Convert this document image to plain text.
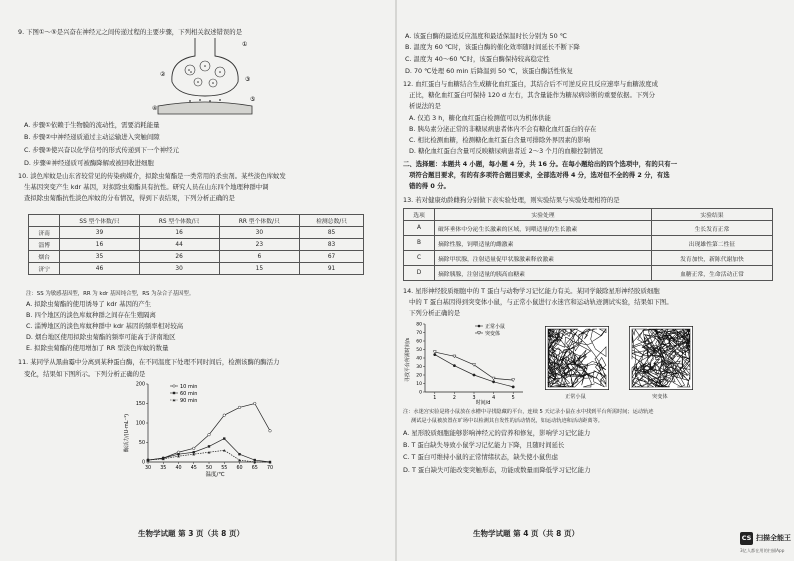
9. 下图①～⑤是兴奋在神经元之间传递过程的主要步骤，下列相关叙述错误的是
①
②
③
④
⑤
A. 步骤①依赖于生物膜的流动性，需要消耗能量
B. 步骤②中神经递质通过主动运输进入突触间隙
C. 步骤③使兴奋以化学信号的形式传递到下一个神经元
D. 步骤④神经递质可被酶降解或被回收进细胞
10. 淡色库蚊是山东省较常见的传染病媒介，拟除虫菊酯是一类常用的杀虫剂。某些淡色库蚊发
生基因突变产生 kdr 基因，对拟除虫菊酯具有抗性。研究人员在山东四个地理种群中调
查拟除虫菊酯抗性淡色库蚊的分布情况，得到下表结果，下列分析正确的是
	SS 型个体数/只	RS 型个体数/只	RR 型个体数/只	检测总数/只
济南	39	16	30	85
淄博	16	44	23	83
烟台	35	26	6	67
济宁	46	30	15	91
注：SS 为敏感基因型，RR 为 kdr 基因纯合型，RS 为杂合子基因型。
A. 拟除虫菊酯的使用诱导了 kdr 基因的产生
B. 四个地区的淡色库蚊种群之间存在生殖隔离
C. 淄博地区的淡色库蚊种群中 kdr 基因的频率相对较高
D. 烟台地区使用拟除虫菊酯的频率可能高于济南地区
E. 拟除虫菊酯的使用增加了 RR 型淡色库蚊的数量
11. 某同学从黑曲霉中分离到某种蛋白酶，在不同温度下处理不同时间后，检测该酶的酶活力
变化，结果如下图所示。下列分析正确的是
30 35 40 45 50 55 60 65 70
0
50
100
150
200
酶活力/(U·mL⁻¹)
温度/℃
10 min
60 min
90 min
生物学试题 第 3 页（共 8 页）
A. 该蛋白酶的最适反应温度和最适保温时长分别为 50 ℃
B. 温度为 60 ℃时，该蛋白酶的催化效率随时间延长不断下降
C. 温度为 40～60 ℃时，该蛋白酶保持较高稳定性
D. 70 ℃处理 60 min 后降温到 50 ℃，该蛋白酶活性恢复
12. 血红蛋白与血糖结合生成糖化血红蛋白，其结合后不可逆反应且反应速率与血糖浓度成
正比，糖化血红蛋白可保持 120 d 左右，其含量能作为糖尿病诊断的重要依据。下列分
析说法的是
A. 仅追 3 h，糖化血红蛋白检测值可以为机体供能
B. 胰岛素分泌正常的非糖尿病患者体内不会有糖化血红蛋白的存在
C. 相比检测血糖，检测糖化血红蛋白含量可排除外界因素的影响
D. 糖化血红蛋白含量可反映糖尿病患者近 2～3 个月的血糖控制情况
二、选择题：本题共 4 小题，每小题 4 分，共 16 分。在每小题给出的四个选项中，有的只有一
项符合题目要求，有的有多项符合题目要求，全部选对得 4 分，选对但不全的得 2 分，有选
错的得 0 分。
13. 若对健康幼龄雌狗分别做下表实验处理，则实验结果与实验处理相符的是
选项	实验处理	实验结果
A	破坏垂体中分泌生长激素的区域，饲喂适量的生长激素	生长发育正常
B	摘除性腺，饲喂适量的雌激素	出现雄性第二性征
C	摘除甲状腺，注射适量促甲状腺激素释放激素	发育加快，新陈代谢加快
D	摘除胰腺，注射适量的胰高血糖素	血糖正常，生命活动正常
14. 星形神经胶质细胞中的 T 蛋白与动物学习记忆能力有关。某同学敲除星形神经胶质细胞
中的 T 蛋白基因得到突变体小鼠，与正常小鼠进行水迷宫和运动轨迹测试实验，结果如下图。
下列分析正确的是
1	2	3	4	5
0
10
20
30
40
50
60
70
80
寻找平台所需时间/s
时间/d
正常小鼠
突变体
正常小鼠	突变体
注：水迷宫实验是将小鼠放在水槽中寻找隐藏的平台，连续 5 天记录小鼠在水中找到平台所需时间；运动轨迹
测试是小鼠被放置在旷场中以检测其自发性的活动情况，如运动轨迹和活动距离等。
A. 星形胶质细胞能够影响神经元的营养和修复，影响学习记忆能力
B. T 蛋白缺失导致小鼠学习记忆能力下降，且随时间延长
C. T 蛋白可维持小鼠的正常情绪状态，缺失使小鼠焦虑
D. T 蛋白缺失可能改变突触形态，功能或数量而降低学习记忆能力
生物学试题 第 4 页（共 8 页）	CS 扫描全能王
3亿人都在用的扫描App
